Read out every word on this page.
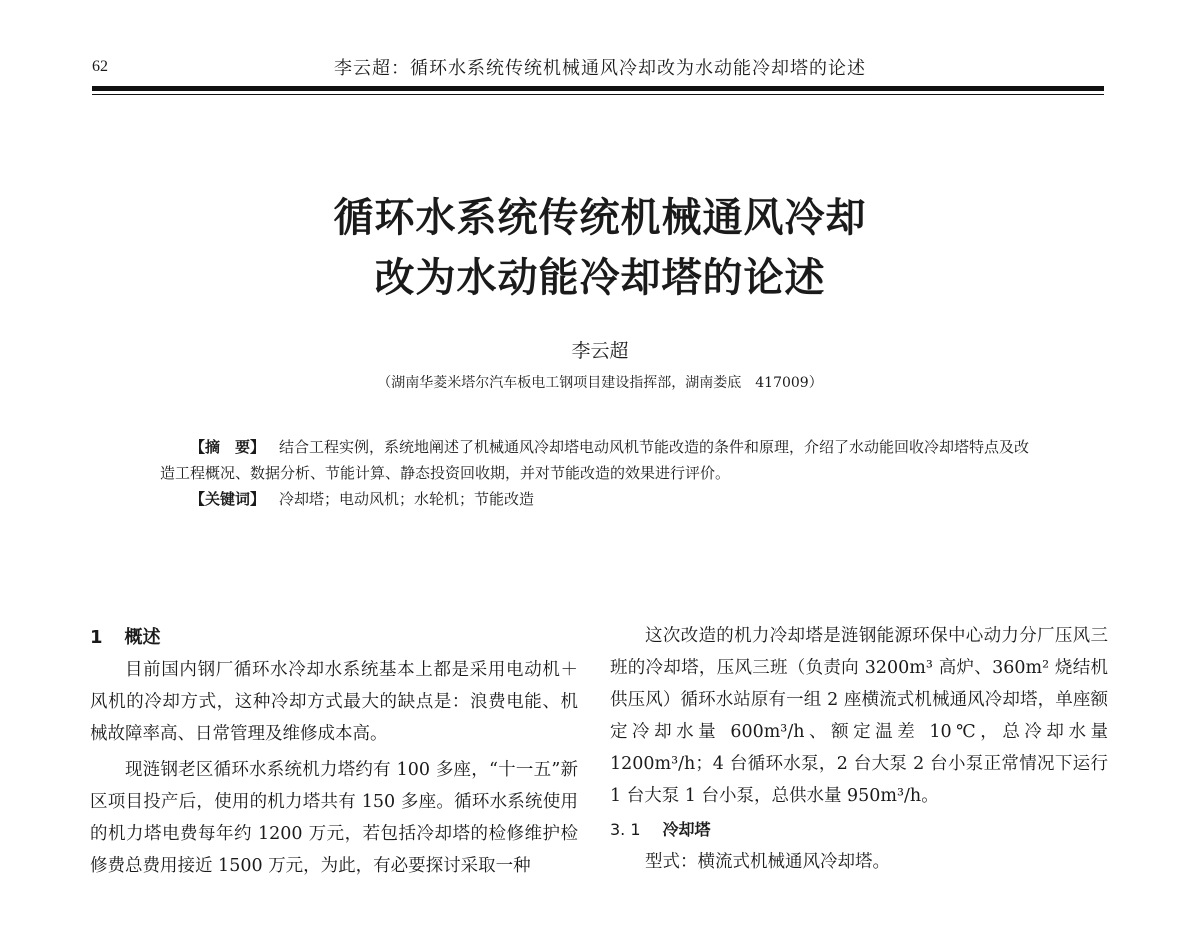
62	李云超：循环水系统传统机械通风冷却改为水动能冷却塔的论述
循环水系统传统机械通风冷却
改为水动能冷却塔的论述
李云超
（湖南华菱米塔尔汽车板电工钢项目建设指挥部，湖南娄底　417009）

【摘　要】 结合工程实例，系统地阐述了机械通风冷却塔电动风机节能改造的条件和原理，介绍了水动能回收冷却塔特点及改造工程概况、数据分析、节能计算、静态投资回收期，并对节能改造的效果进行评价。

【关键词】 冷却塔；电动风机；水轮机；节能改造

1 概述

目前国内钢厂循环水冷却水系统基本上都是采用电动机＋风机的冷却方式，这种冷却方式最大的缺点是：浪费电能、机械故障率高、日常管理及维修成本高。

现涟钢老区循环水系统机力塔约有 100 多座，“十一五”新区项目投产后，使用的机力塔共有 150 多座。循环水系统使用的机力塔电费每年约 1200 万元，若包括冷却塔的检修维护检修费总费用接近 1500 万元，为此，有必要探讨采取一种

这次改造的机力冷却塔是涟钢能源环保中心动力分厂压风三班的冷却塔，压风三班（负责向 3200m³ 高炉、360m² 烧结机供压风）循环水站原有一组 2 座横流式机械通风冷却塔，单座额定冷却水量 600m³/h、额定温差 10℃，总冷却水量 1200m³/h；4 台循环水泵，2 台大泵 2 台小泵正常情况下运行 1 台大泵 1 台小泵，总供水量 950m³/h。

3. 1 冷却塔

型式：横流式机械通风冷却塔。
